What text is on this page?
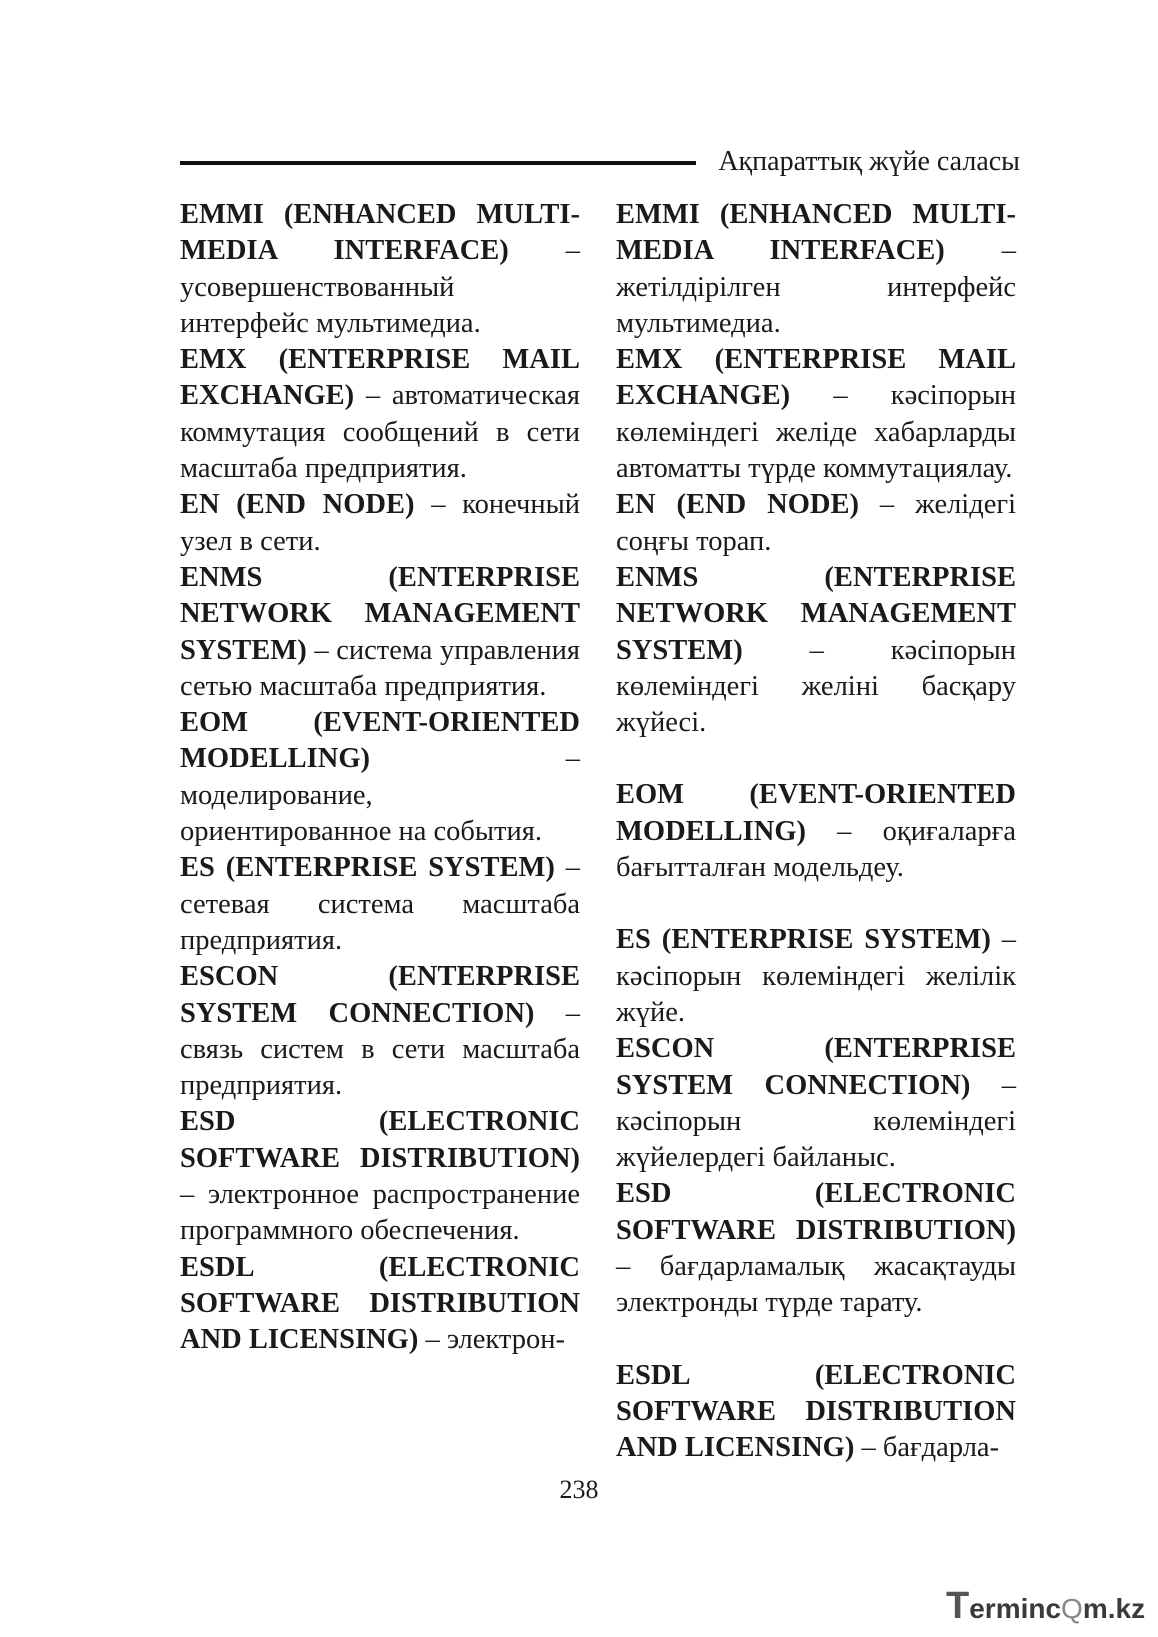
Ақпараттық жүйе саласы

EMMI (ENHANCED MULTI-MEDIA INTERFACE) – усовершенствованный интерфейс мультимедиа.

EMX (ENTERPRISE MAIL EXCHANGE) – автоматическая коммутация сообщений в сети масштаба предприятия.

EN (END NODE) – конечный узел в сети.

ENMS (ENTERPRISE NETWORK MANAGEMENT SYSTEM) – система управления сетью масштаба предприятия.

EOM (EVENT-ORIENTED MODELLING) – моделирование, ориентированное на события.

ES (ENTERPRISE SYSTEM) – сетевая система масштаба предприятия.

ESCON (ENTERPRISE SYSTEM CONNECTION) – связь систем в сети масштаба предприятия.

ESD (ELECTRONIC SOFTWARE DISTRIBUTION) – электронное распространение программного обеспечения.

ESDL (ELECTRONIC SOFTWARE DISTRIBUTION AND LICENSING) – электрон-

EMMI (ENHANCED MULTI-MEDIA INTERFACE) – жетілдірілген интерфейс мультимедиа.

EMX (ENTERPRISE MAIL EXCHANGE) – кәсіпорын көлеміндегі желіде хабарларды автоматты түрде коммутациялау.

EN (END NODE) – желідегі соңғы торап.

ENMS (ENTERPRISE NETWORK MANAGEMENT SYSTEM) – кәсіпорын көлеміндегі желіні басқару жүйесі.

EOM (EVENT-ORIENTED MODELLING) – оқиғаларға бағытталған модельдеу.

ES (ENTERPRISE SYSTEM) – кәсіпорын көлеміндегі желілік жүйе.

ESCON (ENTERPRISE SYSTEM CONNECTION) – кәсіпорын көлеміндегі жүйелердегі байланыс.

ESD (ELECTRONIC SOFTWARE DISTRIBUTION) – бағдарламалық жасақтауды электронды түрде тарату.

ESDL (ELECTRONIC SOFTWARE DISTRIBUTION AND LICENSING) – бағдарла-

238
TermincQm.kz
